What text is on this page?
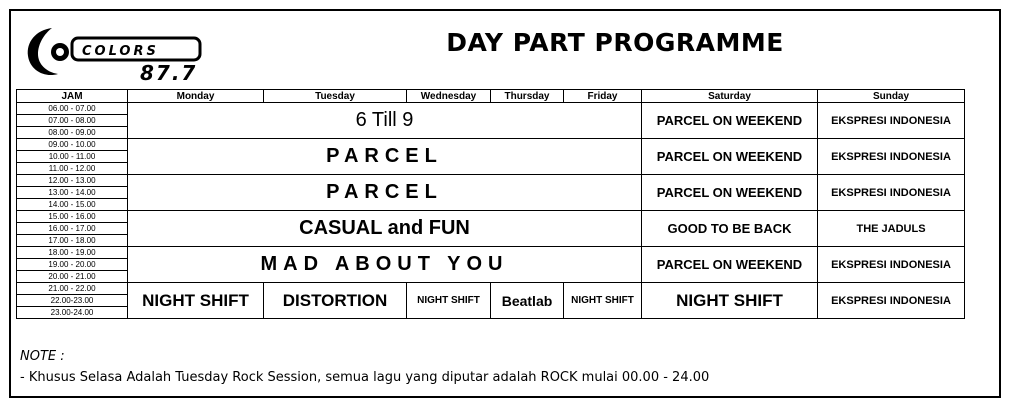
COLORS
87.7
DAY PART PROGRAMME
JAM	Monday	Tuesday	Wednesday	Thursday	Friday	Saturday	Sunday
06.00 - 07.00	6 Till 9					PARCEL ON WEEKEND	EKSPRESI INDONESIA
07.00 - 08.00							
08.00 - 09.00							
09.00 - 10.00	PARCEL					PARCEL ON WEEKEND	EKSPRESI INDONESIA
10.00 - 11.00							
11.00 - 12.00							
12.00 - 13.00	PARCEL					PARCEL ON WEEKEND	EKSPRESI INDONESIA
13.00 - 14.00							
14.00 - 15.00							
15.00 - 16.00	CASUAL and FUN					GOOD TO BE BACK	THE JADULS
16.00 - 17.00							
17.00 - 18.00							
18.00 - 19.00	MAD ABOUT YOU					PARCEL ON WEEKEND	EKSPRESI INDONESIA
19.00 - 20.00							
20.00 - 21.00							
21.00 - 22.00	NIGHT SHIFT	DISTORTION	NIGHT SHIFT	Beatlab	NIGHT SHIFT	NIGHT SHIFT	EKSPRESI INDONESIA
22.00-23.00							
23.00-24.00							
NOTE :
- Khusus Selasa Adalah Tuesday Rock Session, semua lagu yang diputar adalah ROCK mulai 00.00 - 24.00
